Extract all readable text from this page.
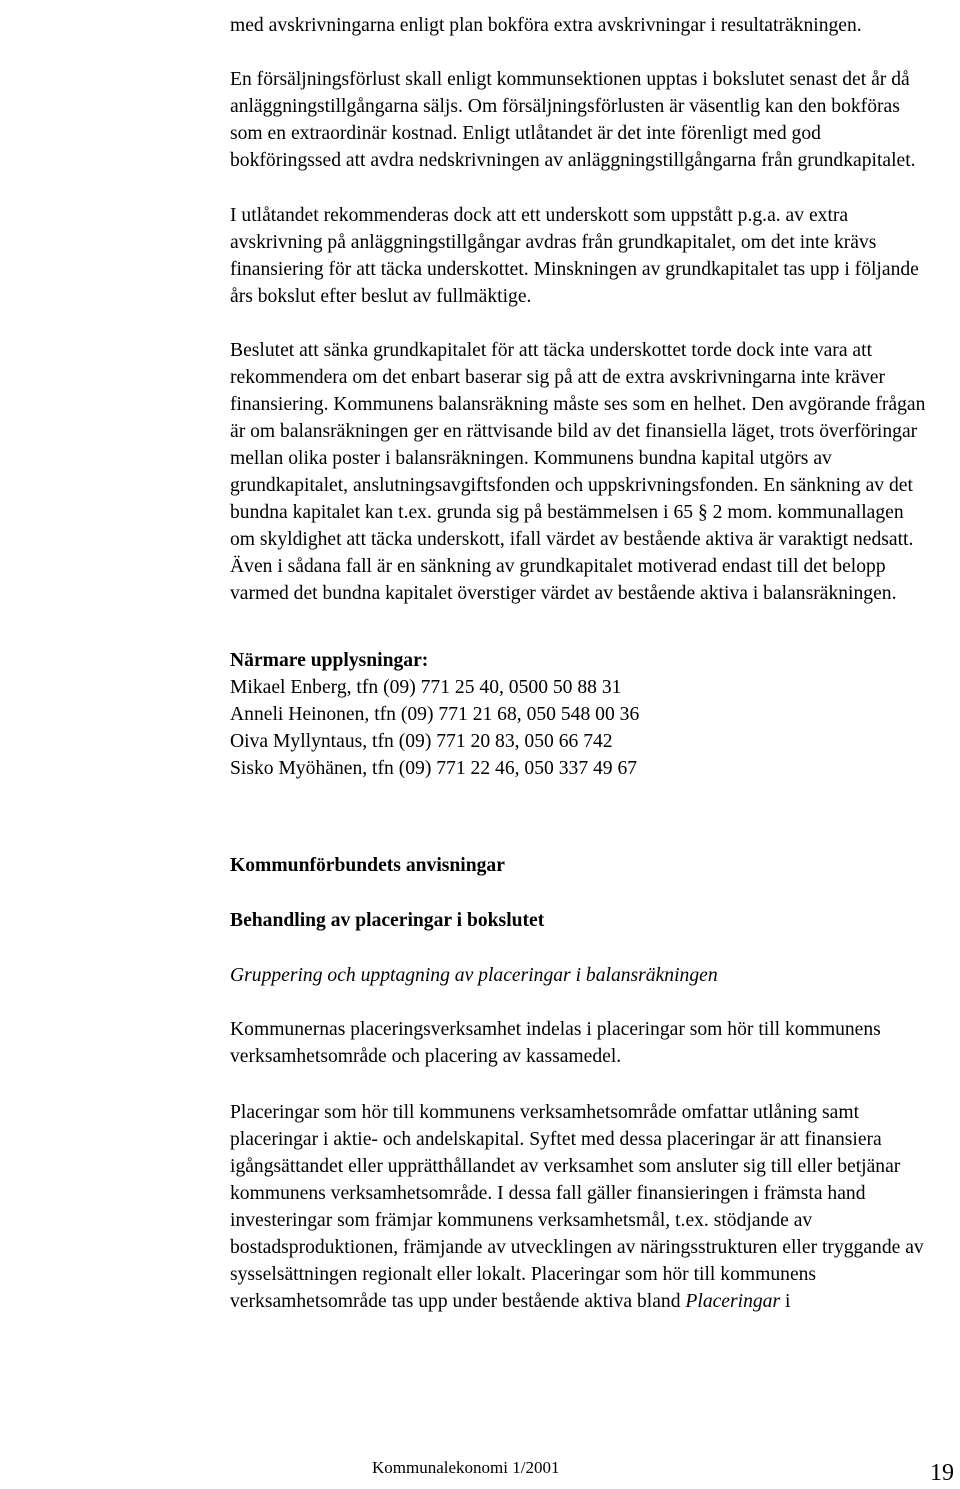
med avskrivningarna enligt plan bokföra extra avskrivningar i resultaträkningen.

En försäljningsförlust skall enligt kommunsektionen upptas i bokslutet senast det år då anläggningstillgångarna säljs. Om försäljningsförlusten är väsentlig kan den bokföras som en extraordinär kostnad. Enligt utlåtandet är det inte förenligt med god bokföringssed att avdra nedskrivningen av anläggningstillgångarna från grundkapitalet.

I utlåtandet rekommenderas dock att ett underskott som uppstått p.g.a. av extra avskrivning på anläggningstillgångar avdras från grundkapitalet, om det inte krävs finansiering för att täcka underskottet. Minskningen av grundkapitalet tas upp i följande års bokslut efter beslut av fullmäktige.

Beslutet att sänka grundkapitalet för att täcka underskottet torde dock inte vara att rekommendera om det enbart baserar sig på att de extra avskrivningarna inte kräver finansiering. Kommunens balansräkning måste ses som en helhet. Den avgörande frågan är om balansräkningen ger en rättvisande bild av det finansiella läget, trots överföringar mellan olika poster i balansräkningen. Kommunens bundna kapital utgörs av grundkapitalet, anslutningsavgiftsfonden och uppskrivningsfonden. En sänkning av det bundna kapitalet kan t.ex. grunda sig på bestämmelsen i 65 § 2 mom. kommunallagen om skyldighet att täcka underskott, ifall värdet av bestående aktiva är varaktigt nedsatt. Även i sådana fall är en sänkning av grundkapitalet motiverad endast till det belopp varmed det bundna kapitalet överstiger värdet av bestående aktiva i balansräkningen.

Närmare upplysningar:

Mikael Enberg, tfn (09) 771 25 40, 0500 50 88 31

Anneli Heinonen, tfn (09) 771 21 68, 050 548 00 36

Oiva Myllyntaus, tfn (09) 771 20 83, 050 66 742

Sisko Myöhänen, tfn (09) 771 22 46, 050 337 49 67

Kommunförbundets anvisningar

Behandling av placeringar i bokslutet

Gruppering och upptagning av placeringar i balansräkningen

Kommunernas placeringsverksamhet indelas i placeringar som hör till kommunens verksamhetsområde och placering av kassamedel.

Placeringar som hör till kommunens verksamhetsområde omfattar utlåning samt placeringar i aktie- och andelskapital. Syftet med dessa placeringar är att finansiera igångsättandet eller upprätthållandet av verksamhet som ansluter sig till eller betjänar kommunens verksamhetsområde. I dessa fall gäller finansieringen i främsta hand investeringar som främjar kommunens verksamhetsmål, t.ex. stödjande av bostadsproduktionen, främjande av utvecklingen av näringsstrukturen eller tryggande av sysselsättningen regionalt eller lokalt. Placeringar som hör till kommunens verksamhetsområde tas upp under bestående aktiva bland Placeringar i

Kommunalekonomi 1/2001	19
